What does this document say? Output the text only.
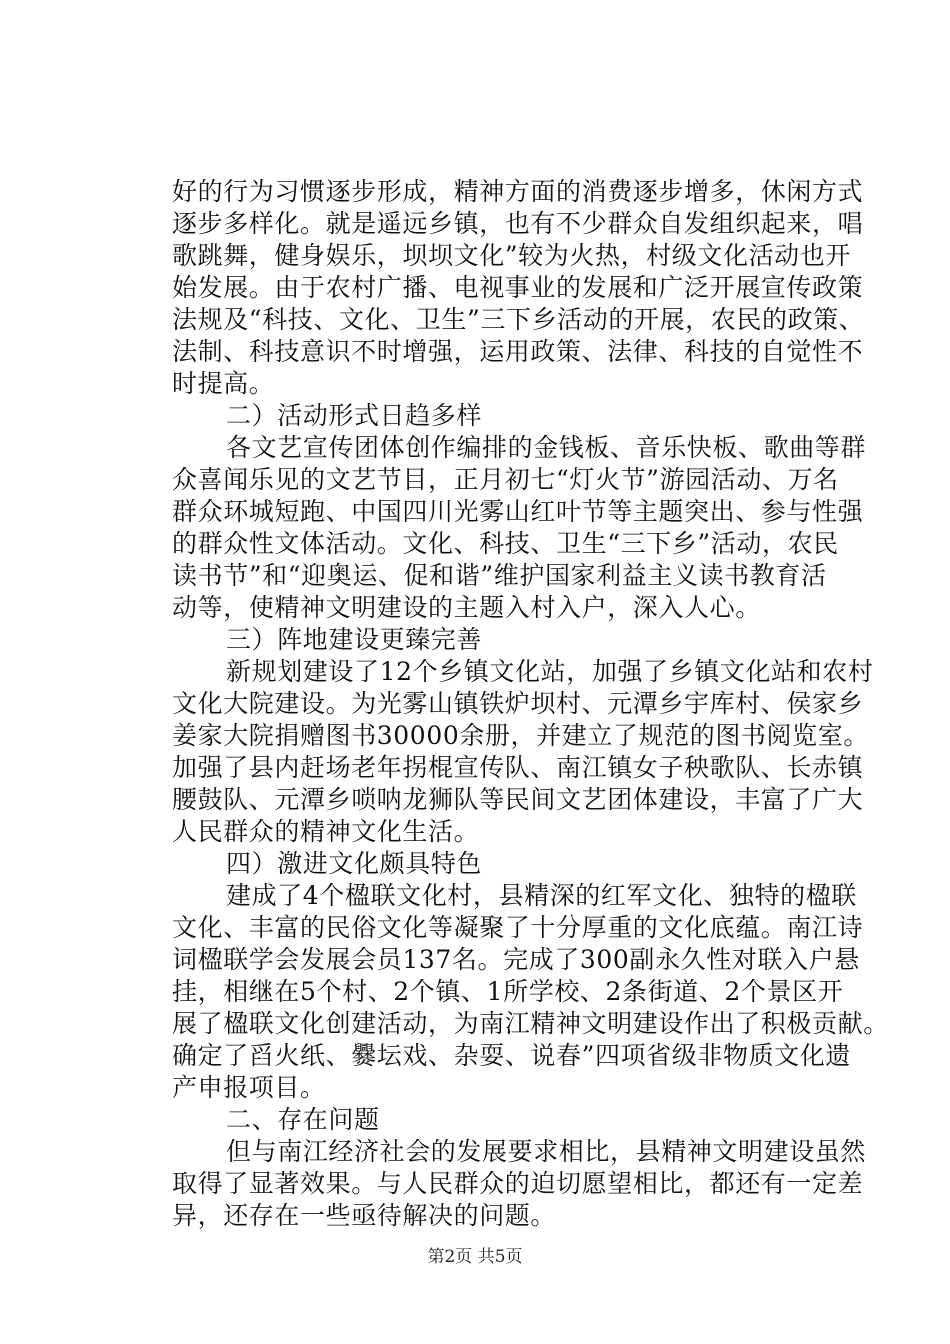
好的行为习惯逐步形成，精神方面的消费逐步增多，休闲方式
逐步多样化。就是遥远乡镇，也有不少群众自发组织起来，唱
歌跳舞，健身娱乐，坝坝文化”较为火热，村级文化活动也开
始发展。由于农村广播、电视事业的发展和广泛开展宣传政策
法规及“科技、文化、卫生”三下乡活动的开展，农民的政策、
法制、科技意识不时增强，运用政策、法律、科技的自觉性不
时提高。
二）活动形式日趋多样
各文艺宣传团体创作编排的金钱板、音乐快板、歌曲等群
众喜闻乐见的文艺节目，正月初七“灯火节”游园活动、万名
群众环城短跑、中国四川光雾山红叶节等主题突出、参与性强
的群众性文体活动。文化、科技、卫生“三下乡”活动，农民
读书节”和“迎奥运、促和谐”维护国家利益主义读书教育活
动等，使精神文明建设的主题入村入户，深入人心。
三）阵地建设更臻完善
新规划建设了12个乡镇文化站，加强了乡镇文化站和农村
文化大院建设。为光雾山镇铁炉坝村、元潭乡宇库村、侯家乡
姜家大院捐赠图书30000余册，并建立了规范的图书阅览室。
加强了县内赶场老年拐棍宣传队、南江镇女子秧歌队、长赤镇
腰鼓队、元潭乡唢呐龙狮队等民间文艺团体建设，丰富了广大
人民群众的精神文化生活。
四）激进文化颇具特色
建成了4个楹联文化村，县精深的红军文化、独特的楹联
文化、丰富的民俗文化等凝聚了十分厚重的文化底蕴。南江诗
词楹联学会发展会员137名。完成了300副永久性对联入户悬
挂，相继在5个村、2个镇、1所学校、2条街道、2个景区开
展了楹联文化创建活动，为南江精神文明建设作出了积极贡献。
确定了舀火纸、爨坛戏、杂耍、说春”四项省级非物质文化遗
产申报项目。
二、存在问题
但与南江经济社会的发展要求相比，县精神文明建设虽然
取得了显著效果。与人民群众的迫切愿望相比，都还有一定差
异，还存在一些亟待解决的问题。
第2页 共5页
